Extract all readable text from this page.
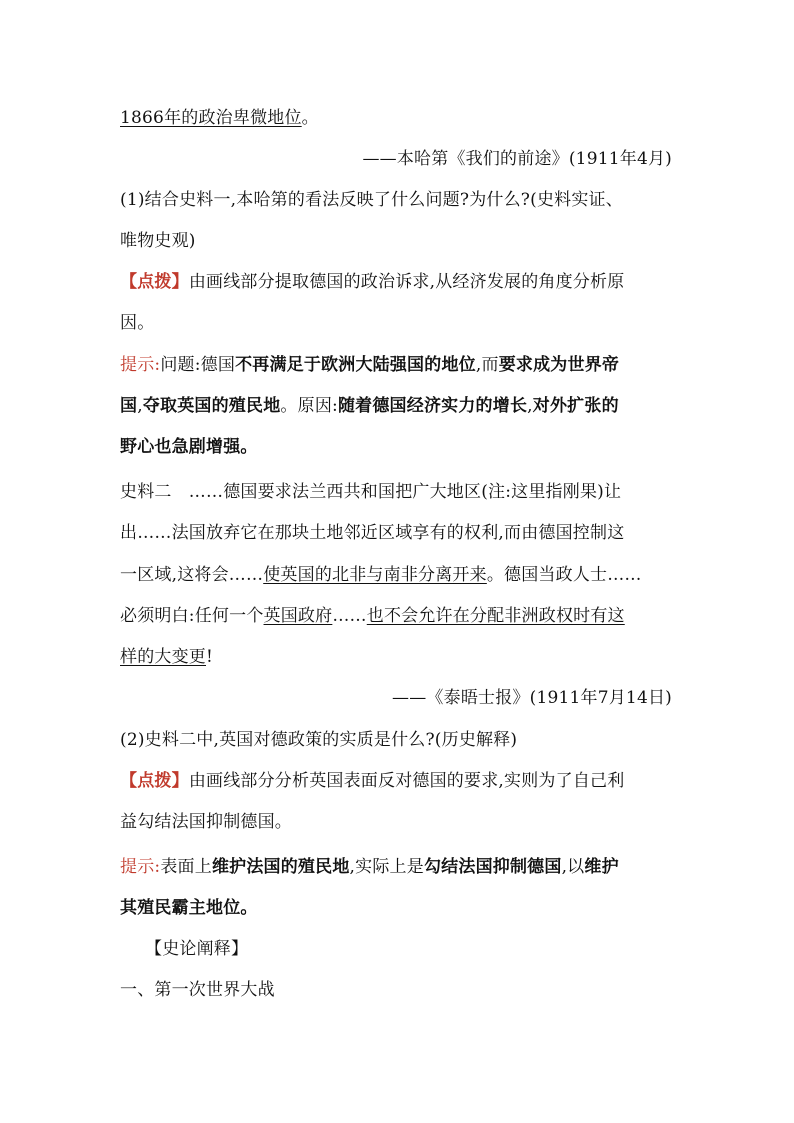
1866年的政治卑微地位。
——本哈第《我们的前途》(1911年4月)
(1)结合史料一,本哈第的看法反映了什么问题?为什么?(史料实证、
唯物史观)
【点拨】由画线部分提取德国的政治诉求,从经济发展的角度分析原
因。
提示:问题:德国不再满足于欧洲大陆强国的地位,而要求成为世界帝
国,夺取英国的殖民地。原因:随着德国经济实力的增长,对外扩张的
野心也急剧增强。
史料二　……德国要求法兰西共和国把广大地区(注:这里指刚果)让
出……法国放弃它在那块土地邻近区域享有的权利,而由德国控制这
一区域,这将会……使英国的北非与南非分离开来。德国当政人士……
必须明白:任何一个英国政府……也不会允许在分配非洲政权时有这
样的大变更!
——《泰晤士报》(1911年7月14日)
(2)史料二中,英国对德政策的实质是什么?(历史解释)
【点拨】由画线部分分析英国表面反对德国的要求,实则为了自己利
益勾结法国抑制德国。
提示:表面上维护法国的殖民地,实际上是勾结法国抑制德国,以维护
其殖民霸主地位。
【史论阐释】
一、第一次世界大战
